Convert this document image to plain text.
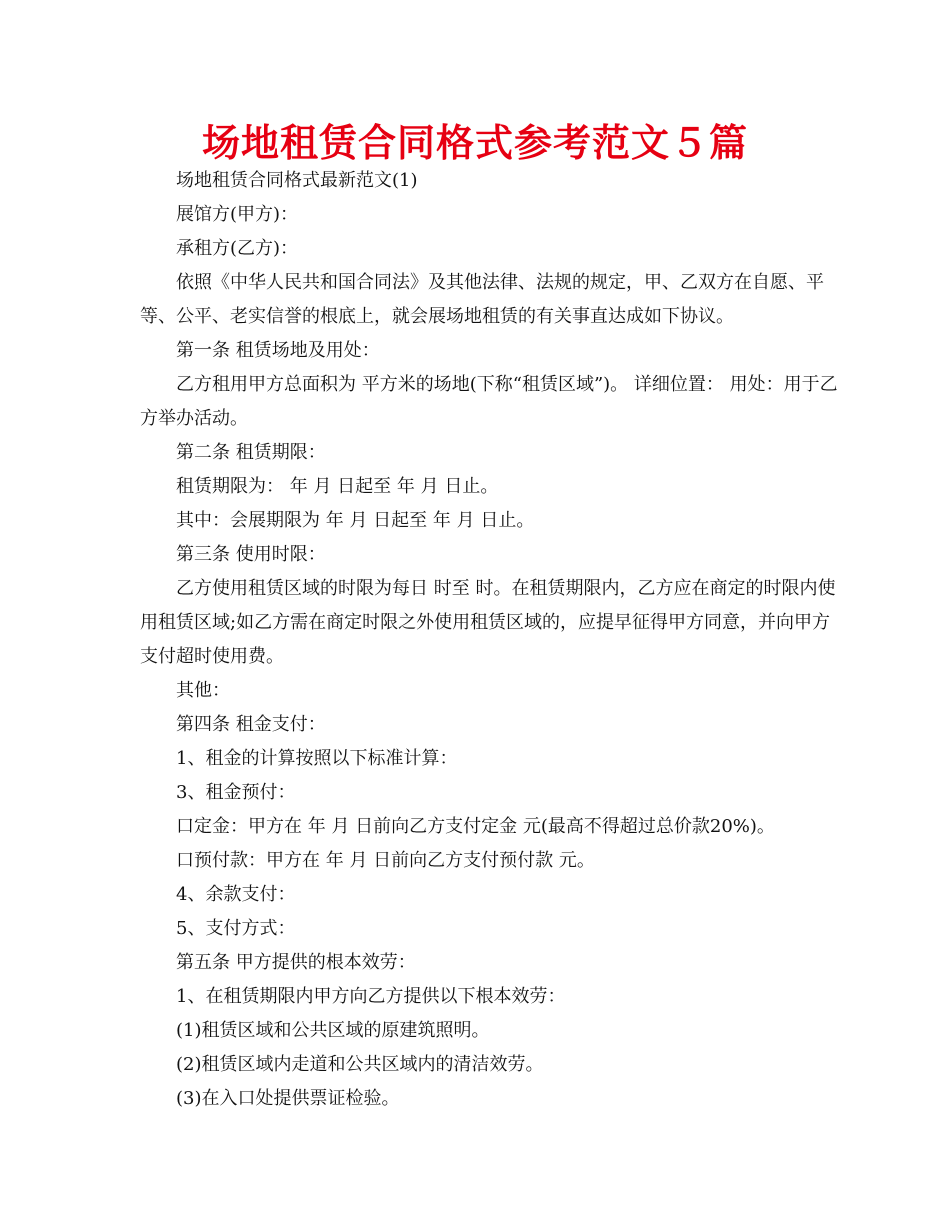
场地租赁合同格式参考范文５篇

场地租赁合同格式最新范文(1)

展馆方(甲方)：

承租方(乙方)：

依照《中华人民共和国合同法》及其他法律、法规的规定，甲、乙双方在自愿、平等、公平、老实信誉的根底上，就会展场地租赁的有关事直达成如下协议。

第一条 租赁场地及用处：

乙方租用甲方总面积为 平方米的场地(下称“租赁区域”)。 详细位置： 用处：用于乙方举办活动。

第二条 租赁期限：

租赁期限为： 年 月 日起至 年 月 日止。

其中：会展期限为 年 月 日起至 年 月 日止。

第三条 使用时限：

乙方使用租赁区域的时限为每日 时至 时。在租赁期限内，乙方应在商定的时限内使用租赁区域;如乙方需在商定时限之外使用租赁区域的，应提早征得甲方同意，并向甲方支付超时使用费。

其他：

第四条 租金支付：

1、租金的计算按照以下标准计算：

3、租金预付：

口定金：甲方在 年 月 日前向乙方支付定金 元(最高不得超过总价款20%)。

口预付款：甲方在 年 月 日前向乙方支付预付款 元。

4、余款支付：

5、支付方式：

第五条 甲方提供的根本效劳：

1、在租赁期限内甲方向乙方提供以下根本效劳：

(1)租赁区域和公共区域的原建筑照明。

(2)租赁区域内走道和公共区域内的清洁效劳。

(3)在入口处提供票证检验。
